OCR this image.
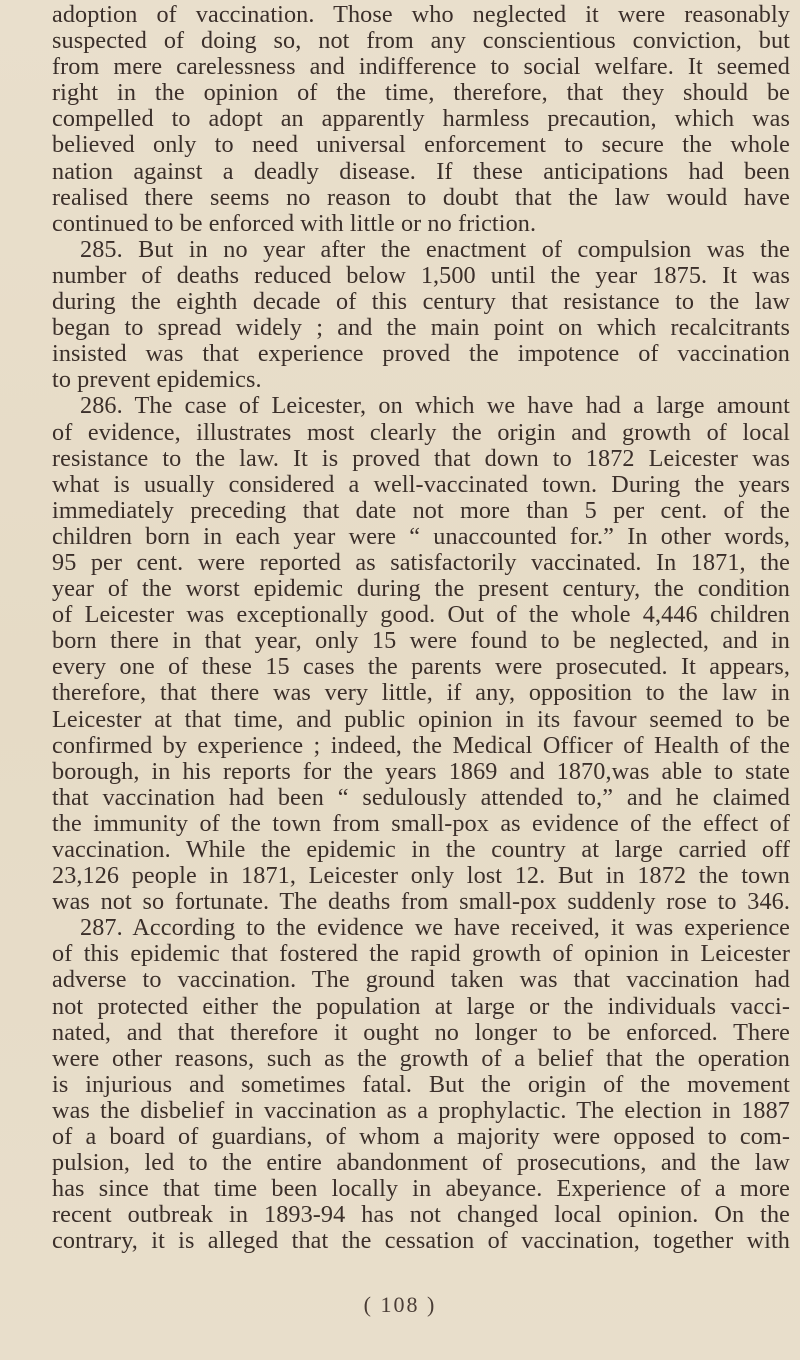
adoption of vaccination. Those who neglected it were reasonably
suspected of doing so, not from any conscientious conviction, but
from mere carelessness and indifference to social welfare. It seemed
right in the opinion of the time, therefore, that they should be
compelled to adopt an apparently harmless precaution, which was
believed only to need universal enforcement to secure the whole
nation against a deadly disease. If these anticipations had been
realised there seems no reason to doubt that the law would have
continued to be enforced with little or no friction.
285. But in no year after the enactment of compulsion was the
number of deaths reduced below 1,500 until the year 1875. It was
during the eighth decade of this century that resistance to the law
began to spread widely ; and the main point on which recalcitrants
insisted was that experience proved the impotence of vaccination
to prevent epidemics.
286. The case of Leicester, on which we have had a large amount
of evidence, illustrates most clearly the origin and growth of local
resistance to the law. It is proved that down to 1872 Leicester was
what is usually considered a well-vaccinated town. During the years
immediately preceding that date not more than 5 per cent. of the
children born in each year were “ unaccounted for.” In other words,
95 per cent. were reported as satisfactorily vaccinated. In 1871, the
year of the worst epidemic during the present century, the condition
of Leicester was exceptionally good. Out of the whole 4,446 children
born there in that year, only 15 were found to be neglected, and in
every one of these 15 cases the parents were prosecuted. It appears,
therefore, that there was very little, if any, opposition to the law in
Leicester at that time, and public opinion in its favour seemed to be
confirmed by experience ; indeed, the Medical Officer of Health of the
borough, in his reports for the years 1869 and 1870,was able to state
that vaccination had been “ sedulously attended to,” and he claimed
the immunity of the town from small-pox as evidence of the effect of
vaccination. While the epidemic in the country at large carried off
23,126 people in 1871, Leicester only lost 12. But in 1872 the town
was not so fortunate. The deaths from small-pox suddenly rose to 346.
287. According to the evidence we have received, it was experience
of this epidemic that fostered the rapid growth of opinion in Leicester
adverse to vaccination. The ground taken was that vaccination had
not protected either the population at large or the individuals vacci-
nated, and that therefore it ought no longer to be enforced. There
were other reasons, such as the growth of a belief that the operation
is injurious and sometimes fatal. But the origin of the movement
was the disbelief in vaccination as a prophylactic. The election in 1887
of a board of guardians, of whom a majority were opposed to com-
pulsion, led to the entire abandonment of prosecutions, and the law
has since that time been locally in abeyance. Experience of a more
recent outbreak in 1893-94 has not changed local opinion. On the
contrary, it is alleged that the cessation of vaccination, together with
( 108 )
